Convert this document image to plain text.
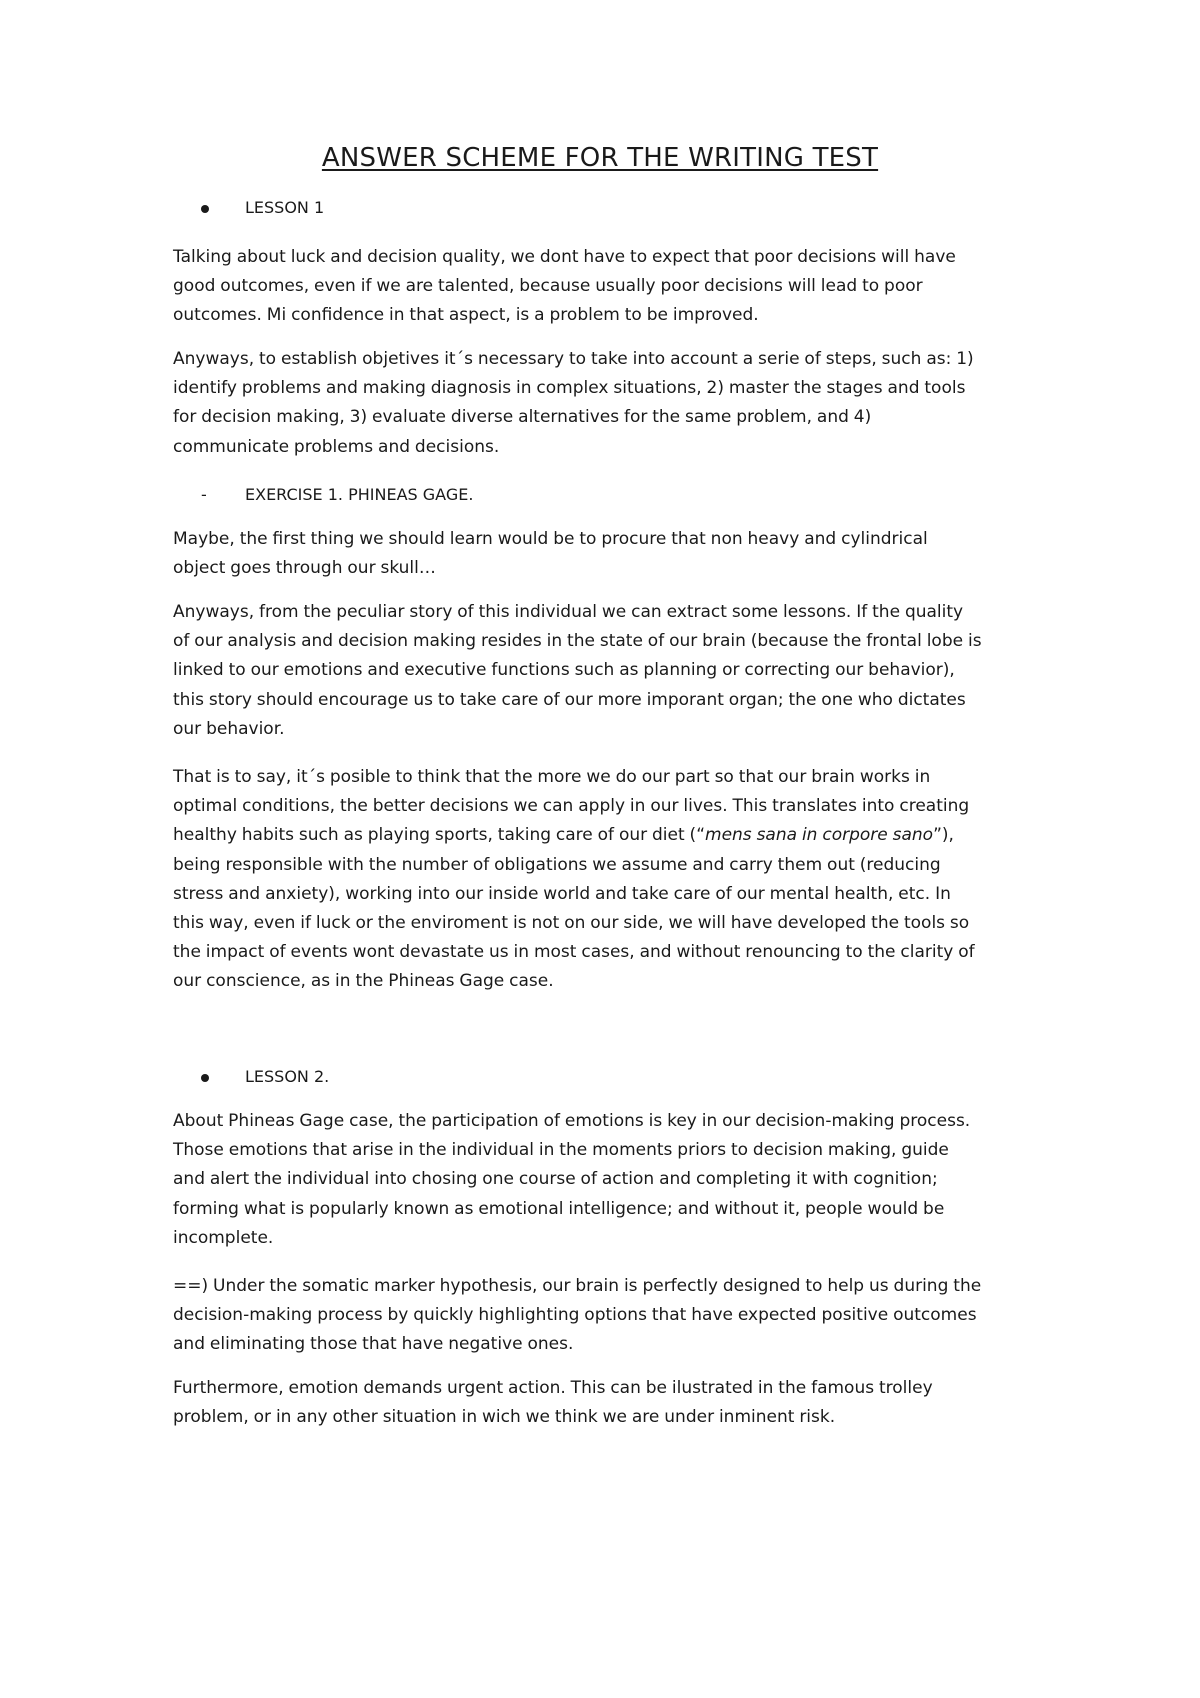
ANSWER SCHEME FOR THE WRITING TEST
LESSON 1

Talking about luck and decision quality, we dont have to expect that poor decisions will have
good outcomes, even if we are talented, because usually poor decisions will lead to poor
outcomes. Mi confidence in that aspect, is a problem to be improved.

Anyways, to establish objetives it´s necessary to take into account a serie of steps, such as: 1)
identify problems and making diagnosis in complex situations, 2) master the stages and tools
for decision making, 3) evaluate diverse alternatives for the same problem, and 4)
communicate problems and decisions.

- EXERCISE 1. PHINEAS GAGE.

Maybe, the first thing we should learn would be to procure that non heavy and cylindrical
object goes through our skull…

Anyways, from the peculiar story of this individual we can extract some lessons. If the quality
of our analysis and decision making resides in the state of our brain (because the frontal lobe is
linked to our emotions and executive functions such as planning or correcting our behavior),
this story should encourage us to take care of our more imporant organ; the one who dictates
our behavior.

That is to say, it´s posible to think that the more we do our part so that our brain works in
optimal conditions, the better decisions we can apply in our lives. This translates into creating
healthy habits such as playing sports, taking care of our diet (“mens sana in corpore sano”),
being responsible with the number of obligations we assume and carry them out (reducing
stress and anxiety), working into our inside world and take care of our mental health, etc. In
this way, even if luck or the enviroment is not on our side, we will have developed the tools so
the impact of events wont devastate us in most cases, and without renouncing to the clarity of
our conscience, as in the Phineas Gage case.

LESSON 2.

About Phineas Gage case, the participation of emotions is key in our decision-making process.
Those emotions that arise in the individual in the moments priors to decision making, guide
and alert the individual into chosing one course of action and completing it with cognition;
forming what is popularly known as emotional intelligence; and without it, people would be
incomplete.

==) Under the somatic marker hypothesis, our brain is perfectly designed to help us during the
decision-making process by quickly highlighting options that have expected positive outcomes
and eliminating those that have negative ones.

Furthermore, emotion demands urgent action. This can be ilustrated in the famous trolley
problem, or in any other situation in wich we think we are under inminent risk.
